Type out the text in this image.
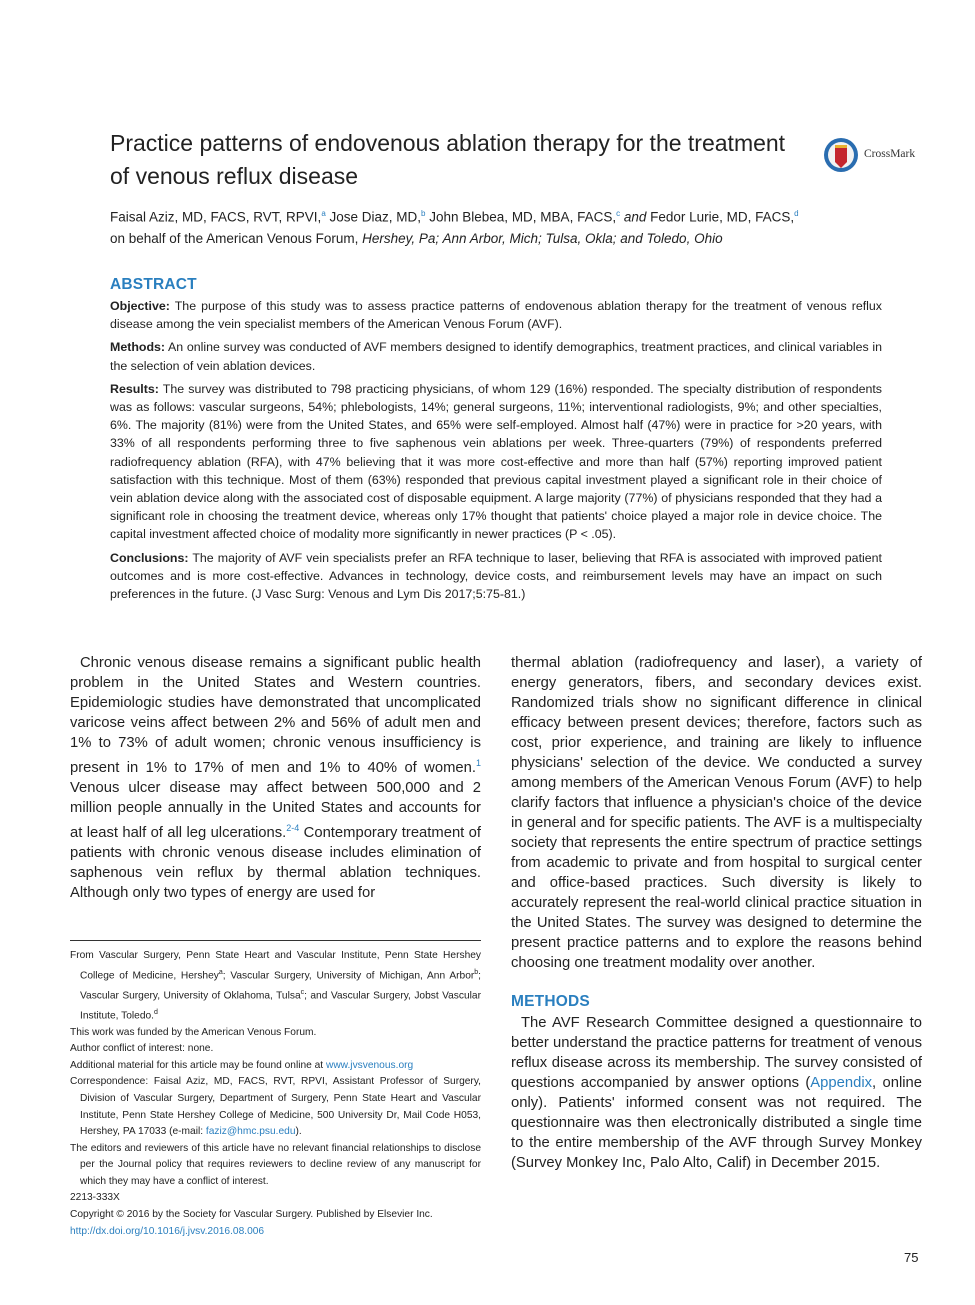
Practice patterns of endovenous ablation therapy for the treatment of venous reflux disease
CrossMark
Faisal Aziz, MD, FACS, RVT, RPVI,$^a$ Jose Diaz, MD,$^b$ John Blebea, MD, MBA, FACS,$^c$ and Fedor Lurie, MD, FACS,$^d$
on behalf of the American Venous Forum, Hershey, Pa; Ann Arbor, Mich; Tulsa, Okla; and Toledo, Ohio
ABSTRACT

Objective: The purpose of this study was to assess practice patterns of endovenous ablation therapy for the treatment of venous reflux disease among the vein specialist members of the American Venous Forum (AVF).

Methods: An online survey was conducted of AVF members designed to identify demographics, treatment practices, and clinical variables in the selection of vein ablation devices.

Results: The survey was distributed to 798 practicing physicians, of whom 129 (16%) responded. The specialty distribution of respondents was as follows: vascular surgeons, 54%; phlebologists, 14%; general surgeons, 11%; interventional radiologists, 9%; and other specialties, 6%. The majority (81%) were from the United States, and 65% were self-employed. Almost half (47%) were in practice for >20 years, with 33% of all respondents performing three to five saphenous vein ablations per week. Three-quarters (79%) of respondents preferred radiofrequency ablation (RFA), with 47% believing that it was more cost-effective and more than half (57%) reporting improved patient satisfaction with this technique. Most of them (63%) responded that previous capital investment played a significant role in their choice of vein ablation device along with the associated cost of disposable equipment. A large majority (77%) of physicians responded that they had a significant role in choosing the treatment device, whereas only 17% thought that patients' choice played a major role in device choice. The capital investment affected choice of modality more significantly in newer practices (P < .05).

Conclusions: The majority of AVF vein specialists prefer an RFA technique to laser, believing that RFA is associated with improved patient outcomes and is more cost-effective. Advances in technology, device costs, and reimbursement levels may have an impact on such preferences in the future. (J Vasc Surg: Venous and Lym Dis 2017;5:75-81.)

Chronic venous disease remains a significant public health problem in the United States and Western countries. Epidemiologic studies have demonstrated that uncomplicated varicose veins affect between 2% and 56% of adult men and 1% to 73% of adult women; chronic venous insufficiency is present in 1% to 17% of men and 1% to 40% of women.$^1$ Venous ulcer disease may affect between 500,000 and 2 million people annually in the United States and accounts for at least half of all leg ulcerations.$^{2-4}$ Contemporary treatment of patients with chronic venous disease includes elimination of saphenous vein reflux by thermal ablation techniques. Although only two types of energy are used for

From Vascular Surgery, Penn State Heart and Vascular Institute, Penn State Hershey College of Medicine, Hershey$^a$; Vascular Surgery, University of Michigan, Ann Arbor$^b$; Vascular Surgery, University of Oklahoma, Tulsa$^c$; and Vascular Surgery, Jobst Vascular Institute, Toledo.$^d$

This work was funded by the American Venous Forum.

Author conflict of interest: none.

Additional material for this article may be found online at www.jvsvenous.org

Correspondence: Faisal Aziz, MD, FACS, RVT, RPVI, Assistant Professor of Surgery, Division of Vascular Surgery, Department of Surgery, Penn State Heart and Vascular Institute, Penn State Hershey College of Medicine, 500 University Dr, Mail Code H053, Hershey, PA 17033 (e-mail: faziz@hmc.psu.edu).

The editors and reviewers of this article have no relevant financial relationships to disclose per the Journal policy that requires reviewers to decline review of any manuscript for which they may have a conflict of interest.

2213-333X

Copyright © 2016 by the Society for Vascular Surgery. Published by Elsevier Inc.

http://dx.doi.org/10.1016/j.jvsv.2016.08.006

thermal ablation (radiofrequency and laser), a variety of energy generators, fibers, and secondary devices exist. Randomized trials show no significant difference in clinical efficacy between present devices; therefore, factors such as cost, prior experience, and training are likely to influence physicians' selection of the device. We conducted a survey among members of the American Venous Forum (AVF) to help clarify factors that influence a physician's choice of the device in general and for specific patients. The AVF is a multispecialty society that represents the entire spectrum of practice settings from academic to private and from hospital to surgical center and office-based practices. Such diversity is likely to accurately represent the real-world clinical practice situation in the United States. The survey was designed to determine the present practice patterns and to explore the reasons behind choosing one treatment modality over another.

METHODS

The AVF Research Committee designed a questionnaire to better understand the practice patterns for treatment of venous reflux disease across its membership. The survey consisted of questions accompanied by answer options (Appendix, online only). Patients' informed consent was not required. The questionnaire was then electronically distributed a single time to the entire membership of the AVF through Survey Monkey (Survey Monkey Inc, Palo Alto, Calif) in December 2015.

75
